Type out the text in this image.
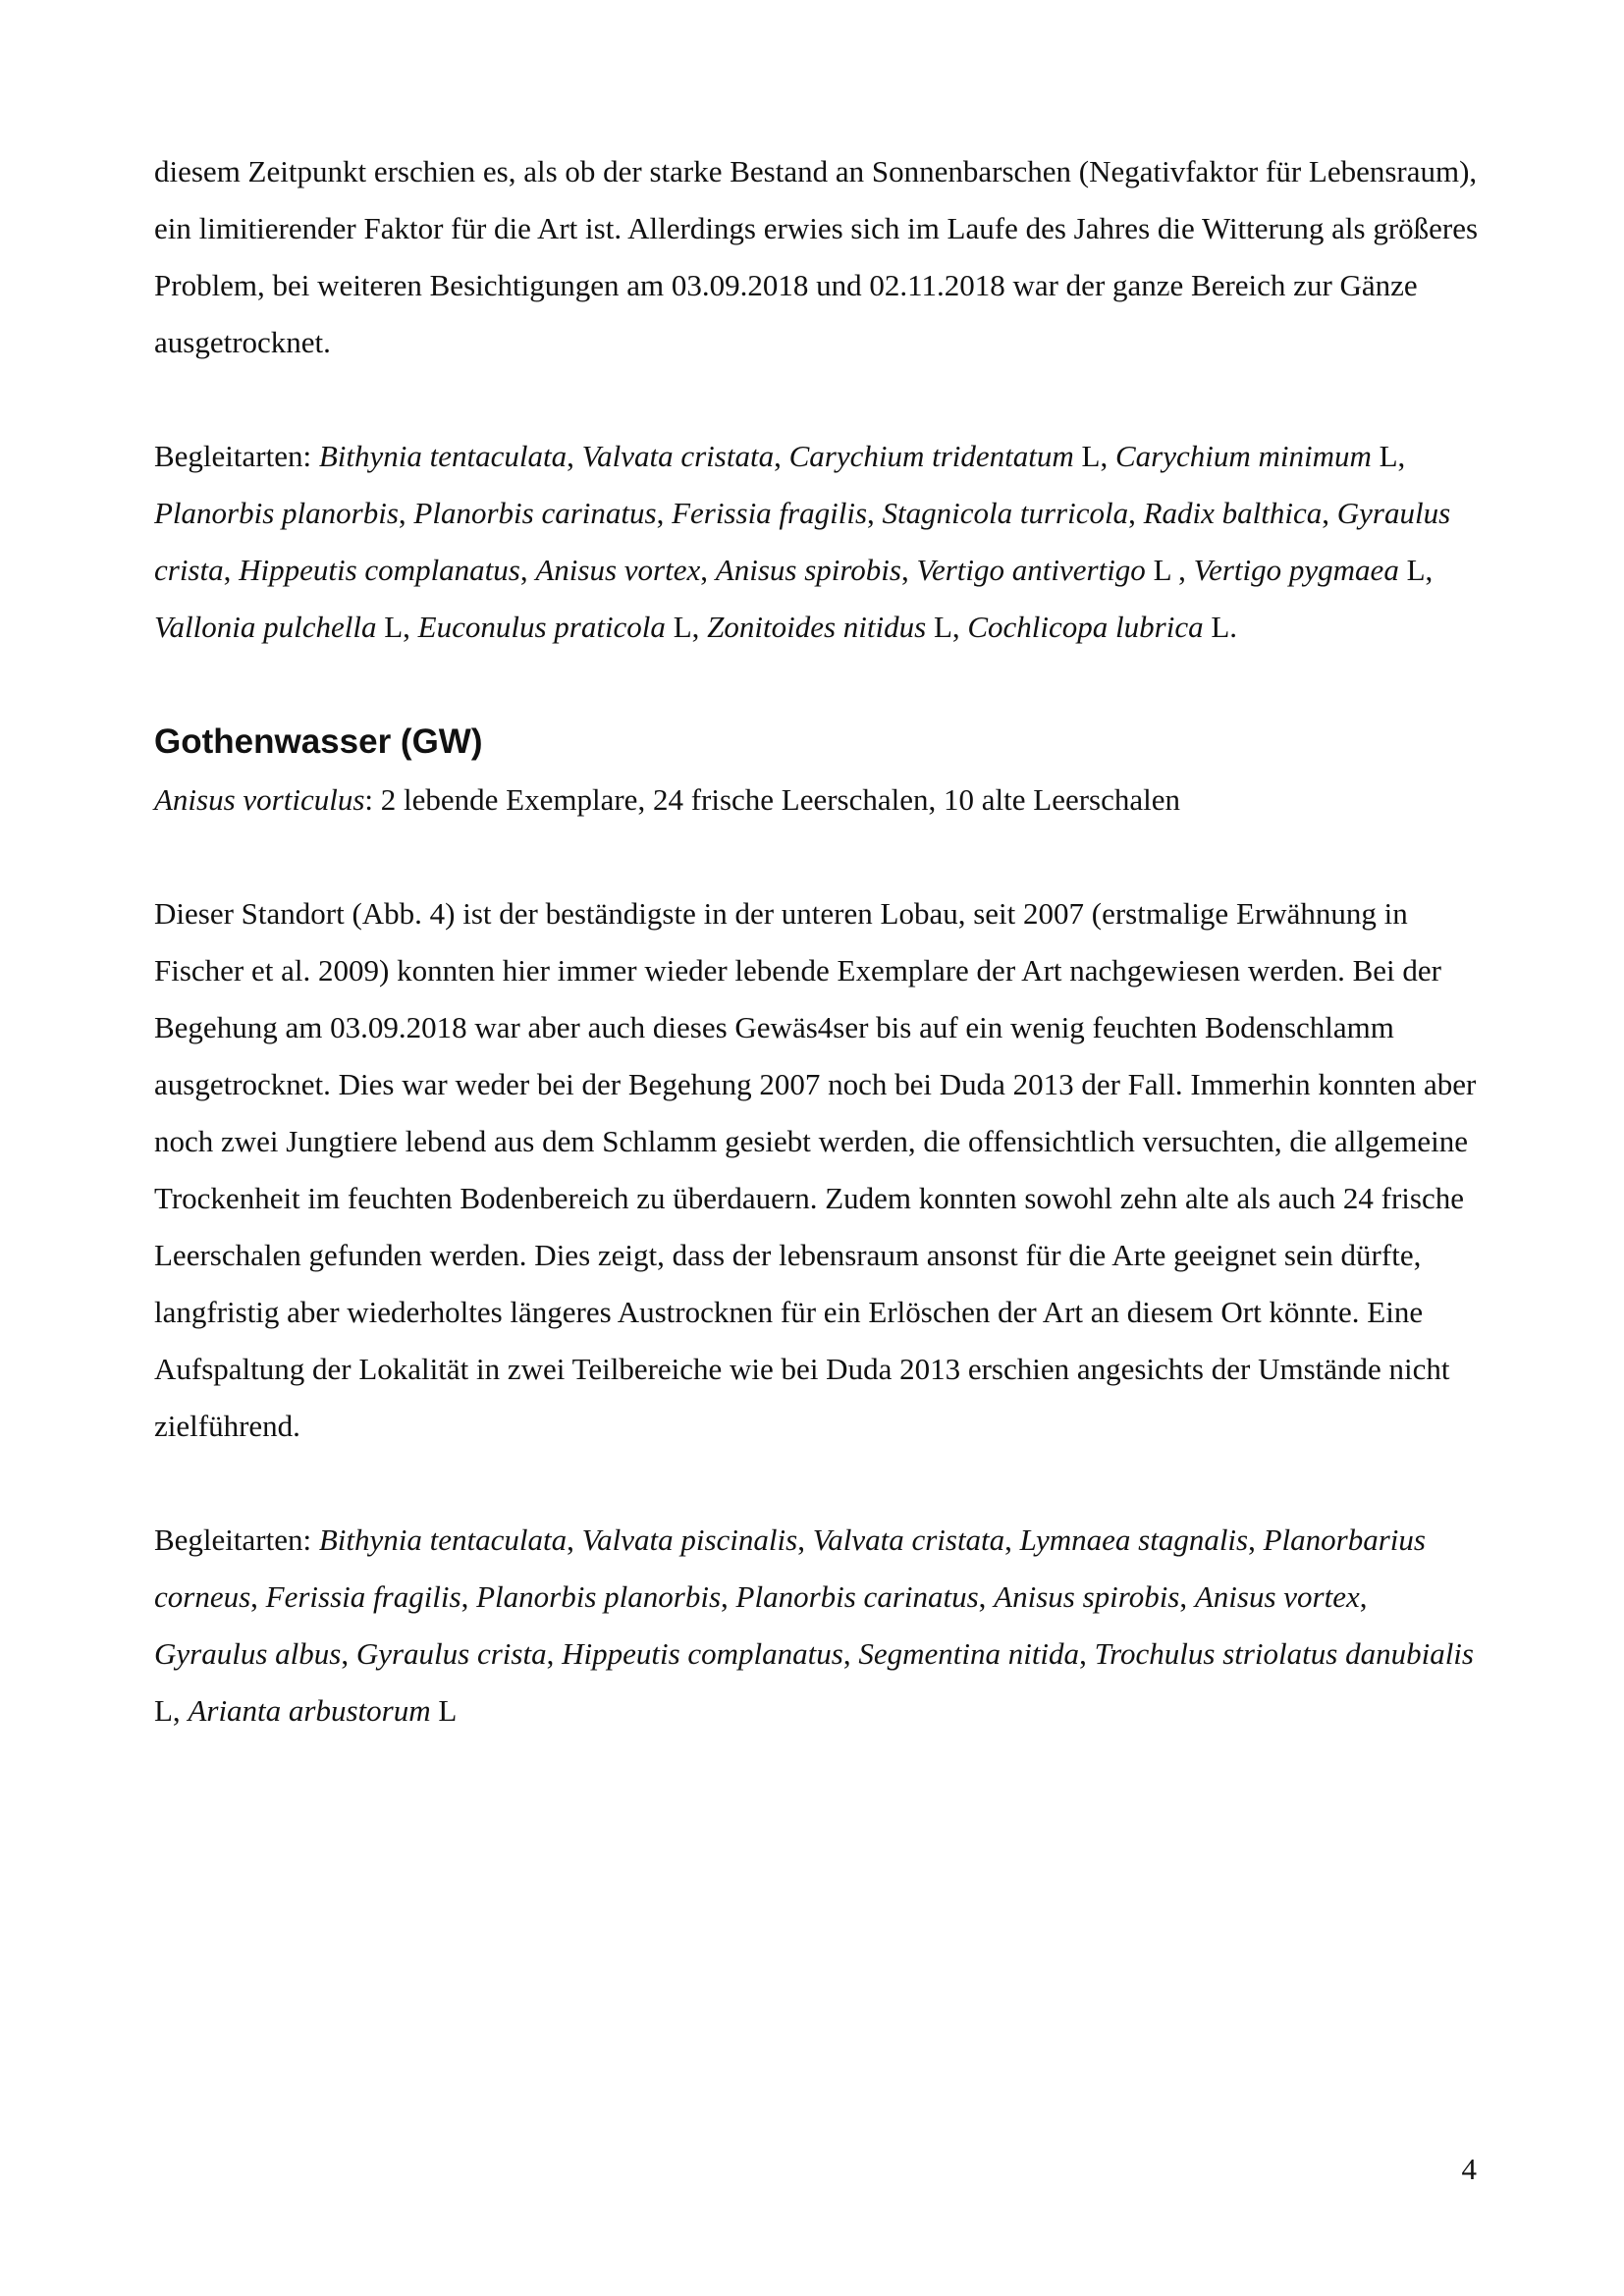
diesem Zeitpunkt erschien es, als ob der starke Bestand an Sonnenbarschen (Negativfaktor für Lebensraum), ein limitierender Faktor für die Art ist. Allerdings erwies sich im Laufe des Jahres die Witterung als größeres Problem, bei weiteren Besichtigungen am 03.09.2018 und 02.11.2018 war der ganze Bereich zur Gänze ausgetrocknet.

Begleitarten: Bithynia tentaculata, Valvata cristata, Carychium tridentatum L, Carychium minimum L, Planorbis planorbis, Planorbis carinatus, Ferissia fragilis, Stagnicola turricola, Radix balthica, Gyraulus crista, Hippeutis complanatus, Anisus vortex, Anisus spirobis, Vertigo antivertigo L , Vertigo pygmaea L, Vallonia pulchella L, Euconulus praticola L, Zonitoides nitidus L, Cochlicopa lubrica L.

Gothenwasser (GW)

Anisus vorticulus: 2 lebende Exemplare, 24 frische Leerschalen, 10 alte Leerschalen

Dieser Standort (Abb. 4) ist der beständigste in der unteren Lobau, seit 2007 (erstmalige Erwähnung in Fischer et al. 2009) konnten hier immer wieder lebende Exemplare der Art nachgewiesen werden. Bei der Begehung am 03.09.2018 war aber auch dieses Gewäs4ser bis auf ein wenig feuchten Bodenschlamm ausgetrocknet. Dies war weder bei der Begehung 2007 noch bei Duda 2013 der Fall. Immerhin konnten aber noch zwei Jungtiere lebend aus dem Schlamm gesiebt werden, die offensichtlich versuchten, die allgemeine Trockenheit im feuchten Bodenbereich zu überdauern. Zudem konnten sowohl zehn alte als auch 24 frische Leerschalen gefunden werden. Dies zeigt, dass der lebensraum ansonst für die Arte geeignet sein dürfte, langfristig aber wiederholtes längeres Austrocknen für ein Erlöschen der Art an diesem Ort könnte. Eine Aufspaltung der Lokalität in zwei Teilbereiche wie bei Duda 2013 erschien angesichts der Umstände nicht zielführend.

Begleitarten: Bithynia tentaculata, Valvata piscinalis, Valvata cristata, Lymnaea stagnalis, Planorbarius corneus, Ferissia fragilis, Planorbis planorbis, Planorbis carinatus, Anisus spirobis, Anisus vortex, Gyraulus albus, Gyraulus crista, Hippeutis complanatus, Segmentina nitida, Trochulus striolatus danubialis L, Arianta arbustorum L

4
